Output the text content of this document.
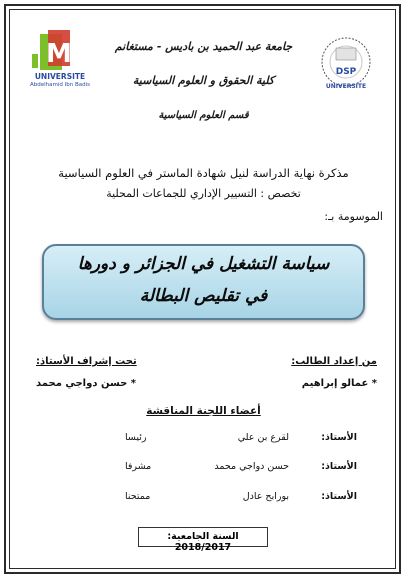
M
UNIVERSITE
Abdelhamid Ibn Badis
DSP
UNIVERSITE
جامعة عبد الحميد بن باديس - مستغانم
كلية الحقوق و العلوم السياسية
قسم العلوم السياسية
مذكرة نهاية الدراسة لنيل شهادة الماستر في العلوم السياسية
تخصص : التسيير الإداري للجماعات المحلية
الموسومة بـ:
سياسة التشغيل في الجزائر و دورها
في تقليص البطالة
من إعداد الطالب:
* عمالو إبراهيم
تحت إشراف الأستاذ:
* حسن دواجي محمد
أعضاء اللجنة المناقشة
الأستاذ:
لقرع بن علي
رئيسا
الأستاذ:
حسن دواجي محمد
مشرفا
الأستاذ:
بورابح عادل
ممتحنا
السنة الجامعية: 2018/2017
